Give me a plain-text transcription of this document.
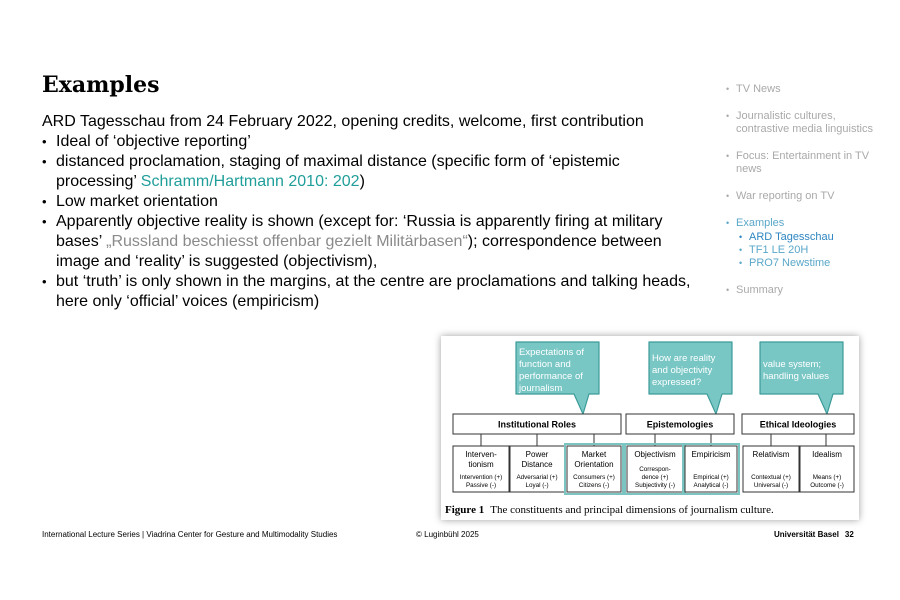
Examples

ARD Tagesschau from 24 February 2022, opening credits, welcome, first contribution

• Ideal of ‘objective reporting’
• distanced proclamation, staging of maximal distance (specific form of ‘epistemic processing’ Schramm/Hartmann 2010: 202)
• Low market orientation
• Apparently objective reality is shown (except for: ‘Russia is apparently firing at military bases’ „Russland beschiesst offenbar gezielt Militärbasen“); correspondence between image and ‘reality’ is suggested (objectivism),
• but ‘truth’ is only shown in the margins, at the centre are proclamations and talking heads, here only ‘official’ voices (empiricism)
• TV News
• Journalistic cultures, contrastive media linguistics
• Focus: Entertainment in TV news
• War reporting on TV
• Examples
• ARD Tagesschau
• TF1 LE 20H
• PRO7 Newstime
• Summary
Expectations of
function and
performance of
journalism
How are reality
and objectivity
expressed?
value system;
handling values
Institutional Roles	Epistemologies	Ethical Ideologies
Interven-
tionism
Intervention (+)
Passive (-)
Power
Distance
Adversarial (+)
Loyal (-)
Market
Orientation
Consumers (+)
Citizens (-)
Objectivism
Correspon-
dence (+)
Subjectivity (-)
Empiricism
Empirical (+)
Analytical (-)
Relativism
Contextual (+)
Universal (-)
Idealism
Means (+)
Outcome (-)
Figure 1 The constituents and principal dimensions of journalism culture.
International Lecture Series | Viadrina Center for Gesture and Multimodality Studies	© Luginbühl 2025	Universität Basel 32
